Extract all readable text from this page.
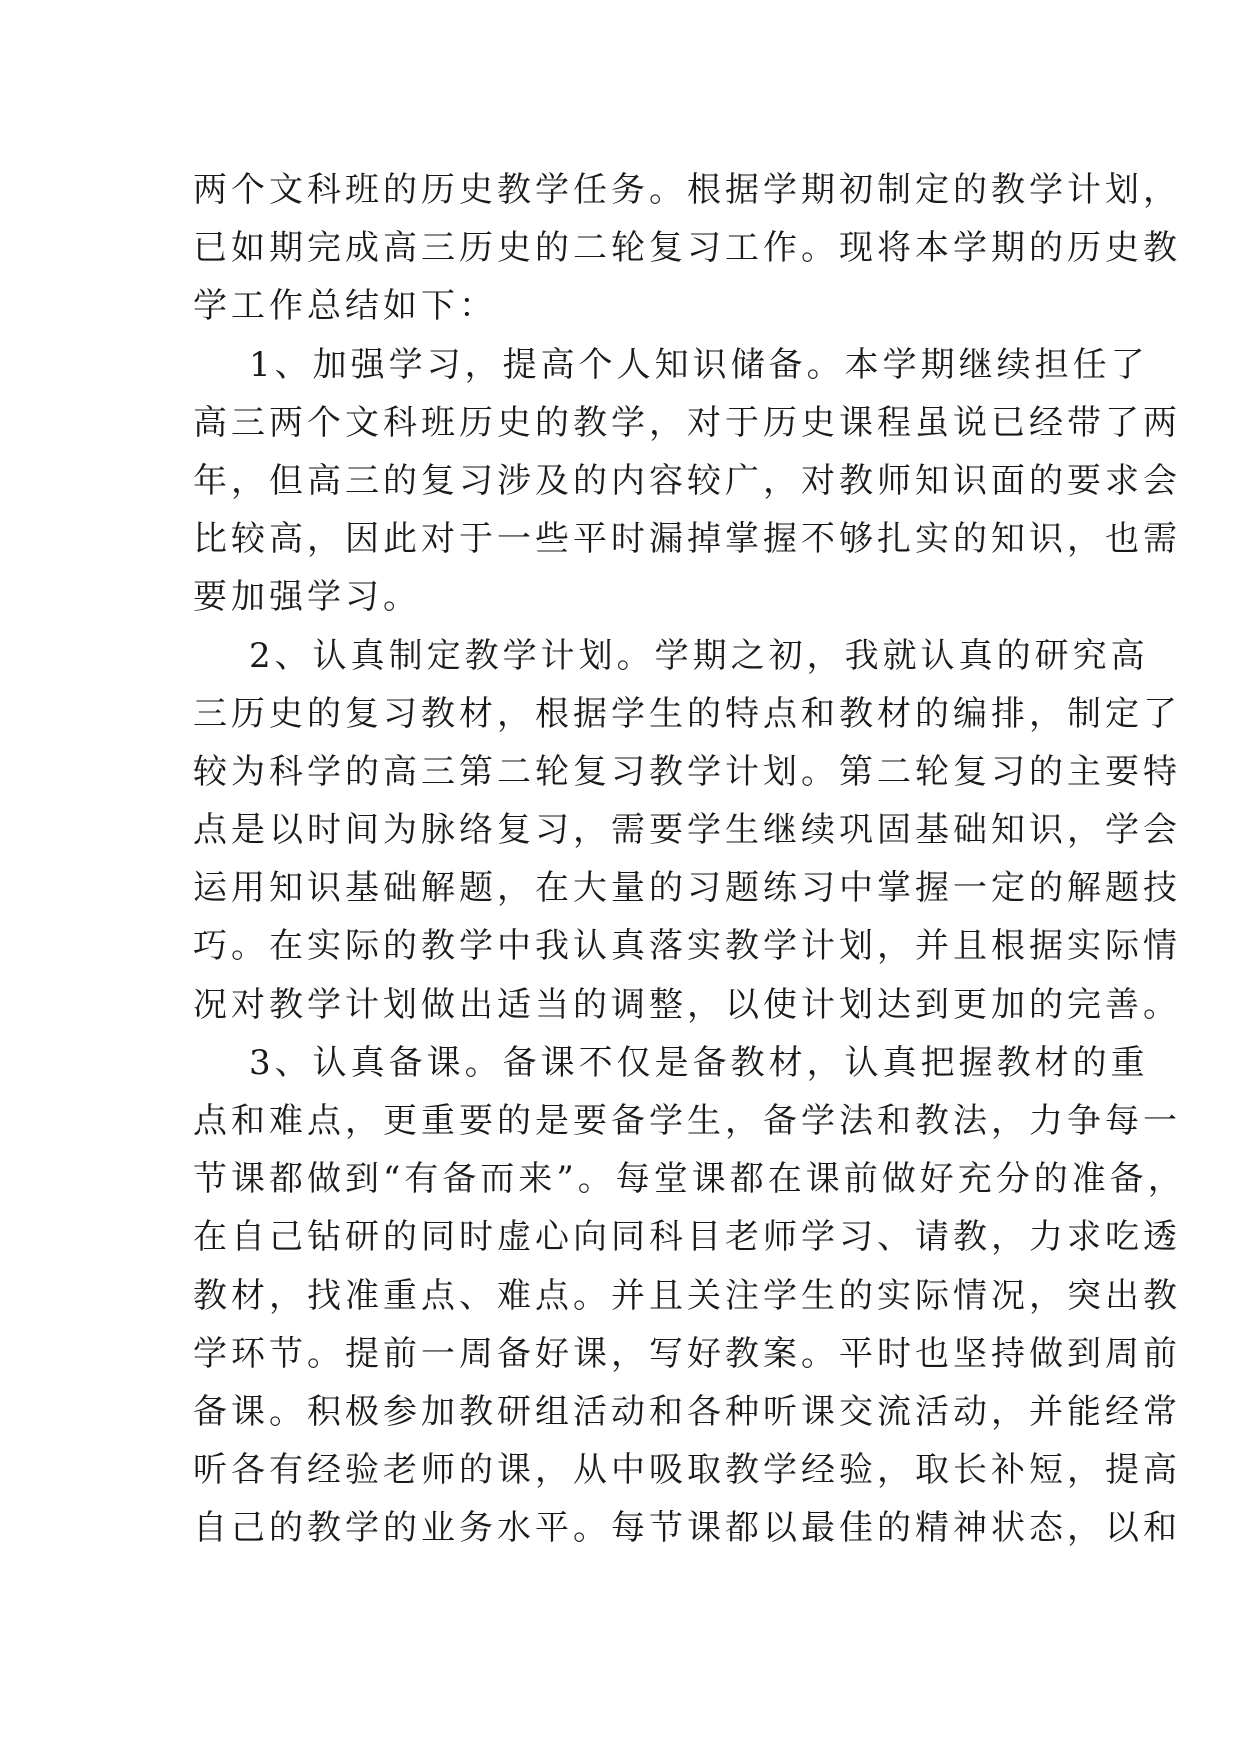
两个文科班的历史教学任务。根据学期初制定的教学计划，
已如期完成高三历史的二轮复习工作。现将本学期的历史教
学工作总结如下：
1、加强学习，提高个人知识储备。本学期继续担任了
高三两个文科班历史的教学，对于历史课程虽说已经带了两
年，但高三的复习涉及的内容较广，对教师知识面的要求会
比较高，因此对于一些平时漏掉掌握不够扎实的知识，也需
要加强学习。
2、认真制定教学计划。学期之初，我就认真的研究高
三历史的复习教材，根据学生的特点和教材的编排，制定了
较为科学的高三第二轮复习教学计划。第二轮复习的主要特
点是以时间为脉络复习，需要学生继续巩固基础知识，学会
运用知识基础解题，在大量的习题练习中掌握一定的解题技
巧。在实际的教学中我认真落实教学计划，并且根据实际情
况对教学计划做出适当的调整，以使计划达到更加的完善。
3、认真备课。备课不仅是备教材，认真把握教材的重
点和难点，更重要的是要备学生，备学法和教法，力争每一
节课都做到“有备而来”。每堂课都在课前做好充分的准备，
在自己钻研的同时虚心向同科目老师学习、请教，力求吃透
教材，找准重点、难点。并且关注学生的实际情况，突出教
学环节。提前一周备好课，写好教案。平时也坚持做到周前
备课。积极参加教研组活动和各种听课交流活动，并能经常
听各有经验老师的课，从中吸取教学经验，取长补短，提高
自己的教学的业务水平。每节课都以最佳的精神状态，以和
